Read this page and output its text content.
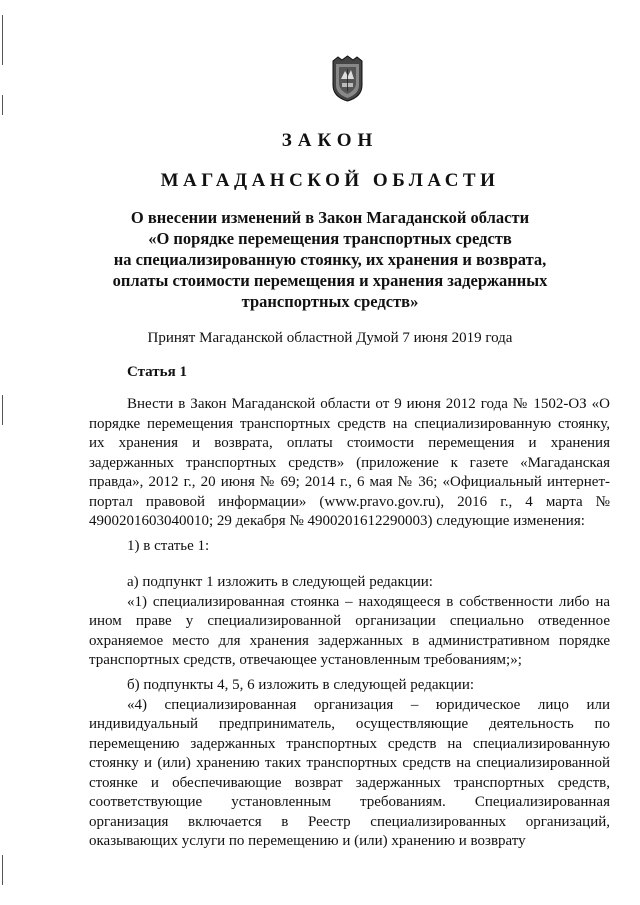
ЗАКОН
МАГАДАНСКОЙ ОБЛАСТИ
О внесении изменений в Закон Магаданской области
«О порядке перемещения транспортных средств
на специализированную стоянку, их хранения и возврата,
оплаты стоимости перемещения и хранения задержанных
транспортных средств»
Принят Магаданской областной Думой 7 июня 2019 года
Статья 1
Внести в Закон Магаданской области от 9 июня 2012 года № 1502-ОЗ «О порядке перемещения транспортных средств на специализированную стоянку, их хранения и возврата, оплаты стоимости перемещения и хранения задержанных транспортных средств» (приложение к газете «Магаданская правда», 2012 г., 20 июня № 69; 2014 г., 6 мая № 36; «Официальный интернет-портал правовой информации» (www.pravo.gov.ru), 2016 г., 4 марта № 4900201603040010; 29 декабря № 4900201612290003) следующие изменения:
1) в статье 1:
а) подпункт 1 изложить в следующей редакции:
«1) специализированная стоянка – находящееся в собственности либо на ином праве у специализированной организации специально отведенное охраняемое место для хранения задержанных в административном порядке транспортных средств, отвечающее установленным требованиям;»;
б) подпункты 4, 5, 6 изложить в следующей редакции:
«4) специализированная организация – юридическое лицо или индивидуальный предприниматель, осуществляющие деятельность по перемещению задержанных транспортных средств на специализированную стоянку и (или) хранению таких транспортных средств на специализированной стоянке и обеспечивающие возврат задержанных транспортных средств, соответствующие установленным требованиям. Специализированная организация включается в Реестр специализированных организаций, оказывающих услуги по перемещению и (или) хранению и возврату
